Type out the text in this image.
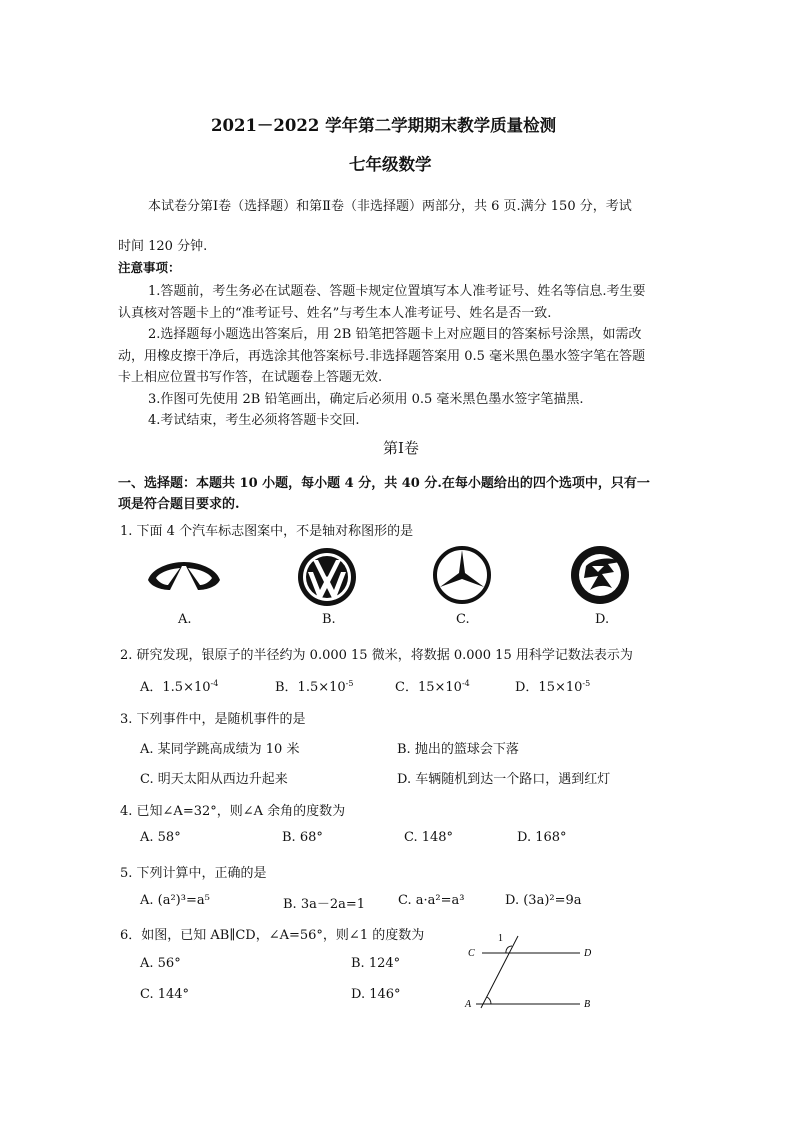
2021－2022 学年第二学期期末教学质量检测
七年级数学
本试卷分第Ⅰ卷（选择题）和第Ⅱ卷（非选择题）两部分，共 6 页.满分 150 分，考试
时间 120 分钟.
注意事项：
1.答题前，考生务必在试题卷、答题卡规定位置填写本人准考证号、姓名等信息.考生要
认真核对答题卡上的“准考证号、姓名”与考生本人准考证号、姓名是否一致.
2.选择题每小题选出答案后，用 2B 铅笔把答题卡上对应题目的答案标号涂黑，如需改
动，用橡皮擦干净后，再选涂其他答案标号.非选择题答案用 0.5 毫米黑色墨水签字笔在答题
卡上相应位置书写作答，在试题卷上答题无效.
3.作图可先使用 2B 铅笔画出，确定后必须用 0.5 毫米黑色墨水签字笔描黑.
4.考试结束，考生必须将答题卡交回.
第Ⅰ卷
一、选择题：本题共 10 小题，每小题 4 分，共 40 分.在每小题给出的四个选项中，只有一
项是符合题目要求的.
1. 下面 4 个汽车标志图案中，不是轴对称图形的是
A.	B.	C.	D.
2. 研究发现，银原子的半径约为 0.000 15 微米，将数据 0.000 15 用科学记数法表示为
A．$1.5\times 10^{-4}$	B．$1.5\times 10^{-5}$	C．$15\times 10^{-4}$	D．$15\times 10^{-5}$
3. 下列事件中，是随机事件的是
A. 某同学跳高成绩为 10 米	B. 抛出的篮球会下落
C. 明天太阳从西边升起来	D. 车辆随机到达一个路口，遇到红灯
4. 已知∠A=32°，则∠A 余角的度数为
A. 58°	B. 68°	C. 148°	D. 168°
5. 下列计算中，正确的是
A. (a²)³=a⁵	B. 3a－2a=1	C. a·a²=a³	D. (3a)²=9a
6．如图，已知 AB∥CD，∠A=56°，则∠1 的度数为
A. 56°	B. 124°
C. 144°	D. 146°
1
C	D
A	B
